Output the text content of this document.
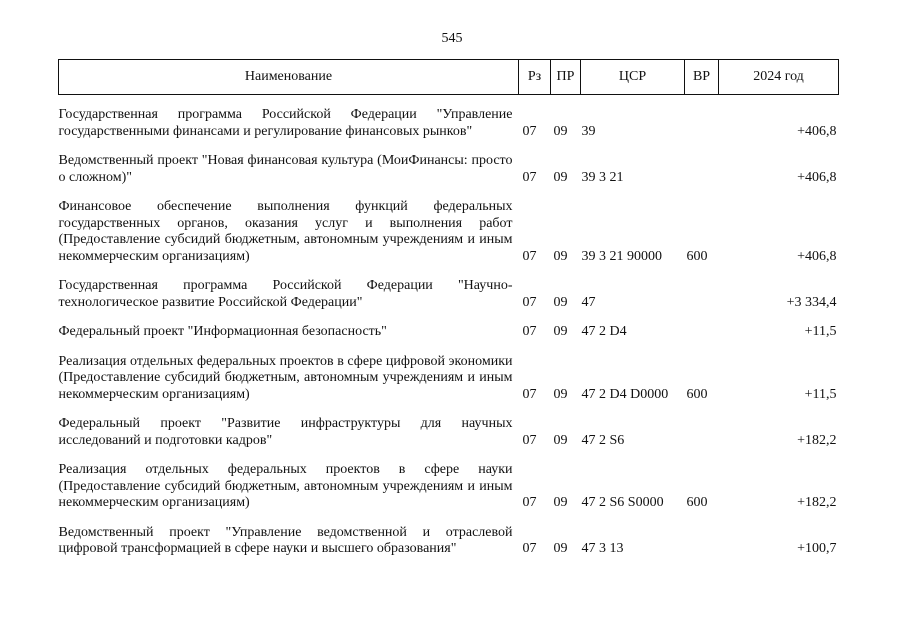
545
Наименование	Рз	ПР	ЦСР	ВР	2024 год
Государственная программа Российской Федерации "Управление государственными финансами и регулирование финансовых рынков"	07	09	39		+406,8
Ведомственный проект "Новая финансовая культура (МоиФинансы: просто о сложном)"	07	09	39 3 21		+406,8
Финансовое обеспечение выполнения функций федеральных государственных органов, оказания услуг и выполнения работ (Предоставление субсидий бюджетным, автономным учреждениям и иным некоммерческим организациям)	07	09	39 3 21 90000	600	+406,8
Государственная программа Российской Федерации "Научно-технологическое развитие Российской Федерации"	07	09	47		+3 334,4
Федеральный проект "Информационная безопасность"	07	09	47 2 D4		+11,5
Реализация отдельных федеральных проектов в сфере цифровой экономики (Предоставление субсидий бюджетным, автономным учреждениям и иным некоммерческим организациям)	07	09	47 2 D4 D0000	600	+11,5
Федеральный проект "Развитие инфраструктуры для научных исследований и подготовки кадров"	07	09	47 2 S6		+182,2
Реализация отдельных федеральных проектов в сфере науки (Предоставление субсидий бюджетным, автономным учреждениям и иным некоммерческим организациям)	07	09	47 2 S6 S0000	600	+182,2
Ведомственный проект "Управление ведомственной и отраслевой цифровой трансформацией в сфере науки и высшего образования"	07	09	47 3 13		+100,7
